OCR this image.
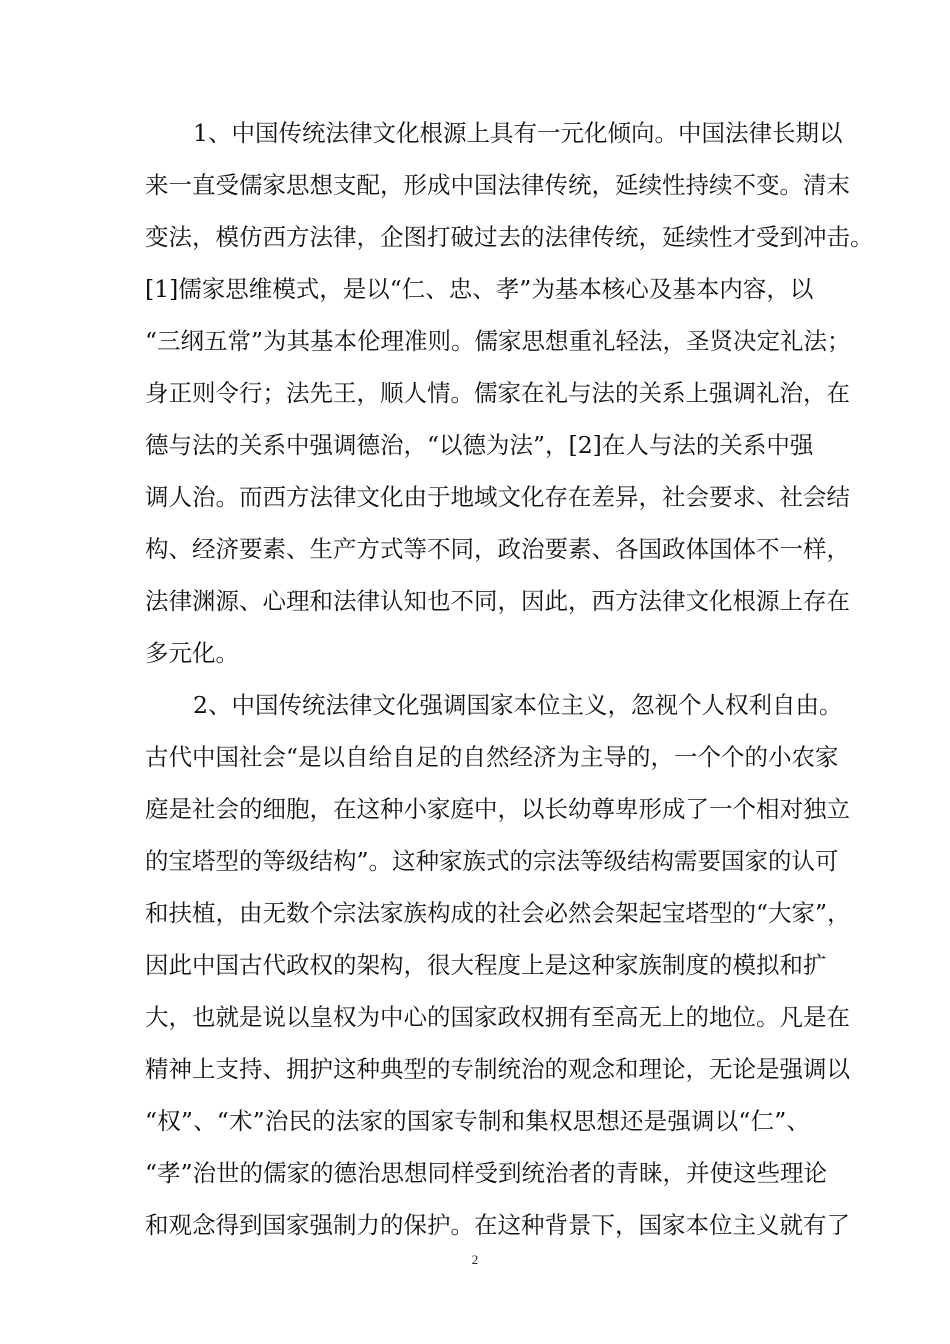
1、中国传统法律文化根源上具有一元化倾向。中国法律长期以
来一直受儒家思想支配，形成中国法律传统，延续性持续不变。清末
变法，模仿西方法律，企图打破过去的法律传统，延续性才受到冲击。
[1]儒家思维模式，是以“仁、忠、孝”为基本核心及基本内容，以
“三纲五常”为其基本伦理准则。儒家思想重礼轻法，圣贤决定礼法；
身正则令行；法先王，顺人情。儒家在礼与法的关系上强调礼治，在
德与法的关系中强调德治，“以德为法”，[2]在人与法的关系中强
调人治。而西方法律文化由于地域文化存在差异，社会要求、社会结
构、经济要素、生产方式等不同，政治要素、各国政体国体不一样，
法律渊源、心理和法律认知也不同，因此，西方法律文化根源上存在
多元化。
2、中国传统法律文化强调国家本位主义，忽视个人权利自由。
古代中国社会“是以自给自足的自然经济为主导的，一个个的小农家
庭是社会的细胞，在这种小家庭中，以长幼尊卑形成了一个相对独立
的宝塔型的等级结构”。这种家族式的宗法等级结构需要国家的认可
和扶植，由无数个宗法家族构成的社会必然会架起宝塔型的“大家”，
因此中国古代政权的架构，很大程度上是这种家族制度的模拟和扩
大，也就是说以皇权为中心的国家政权拥有至高无上的地位。凡是在
精神上支持、拥护这种典型的专制统治的观念和理论，无论是强调以
“权”、“术”治民的法家的国家专制和集权思想还是强调以“仁”、
“孝”治世的儒家的德治思想同样受到统治者的青睐，并使这些理论
和观念得到国家强制力的保护。在这种背景下，国家本位主义就有了
2
